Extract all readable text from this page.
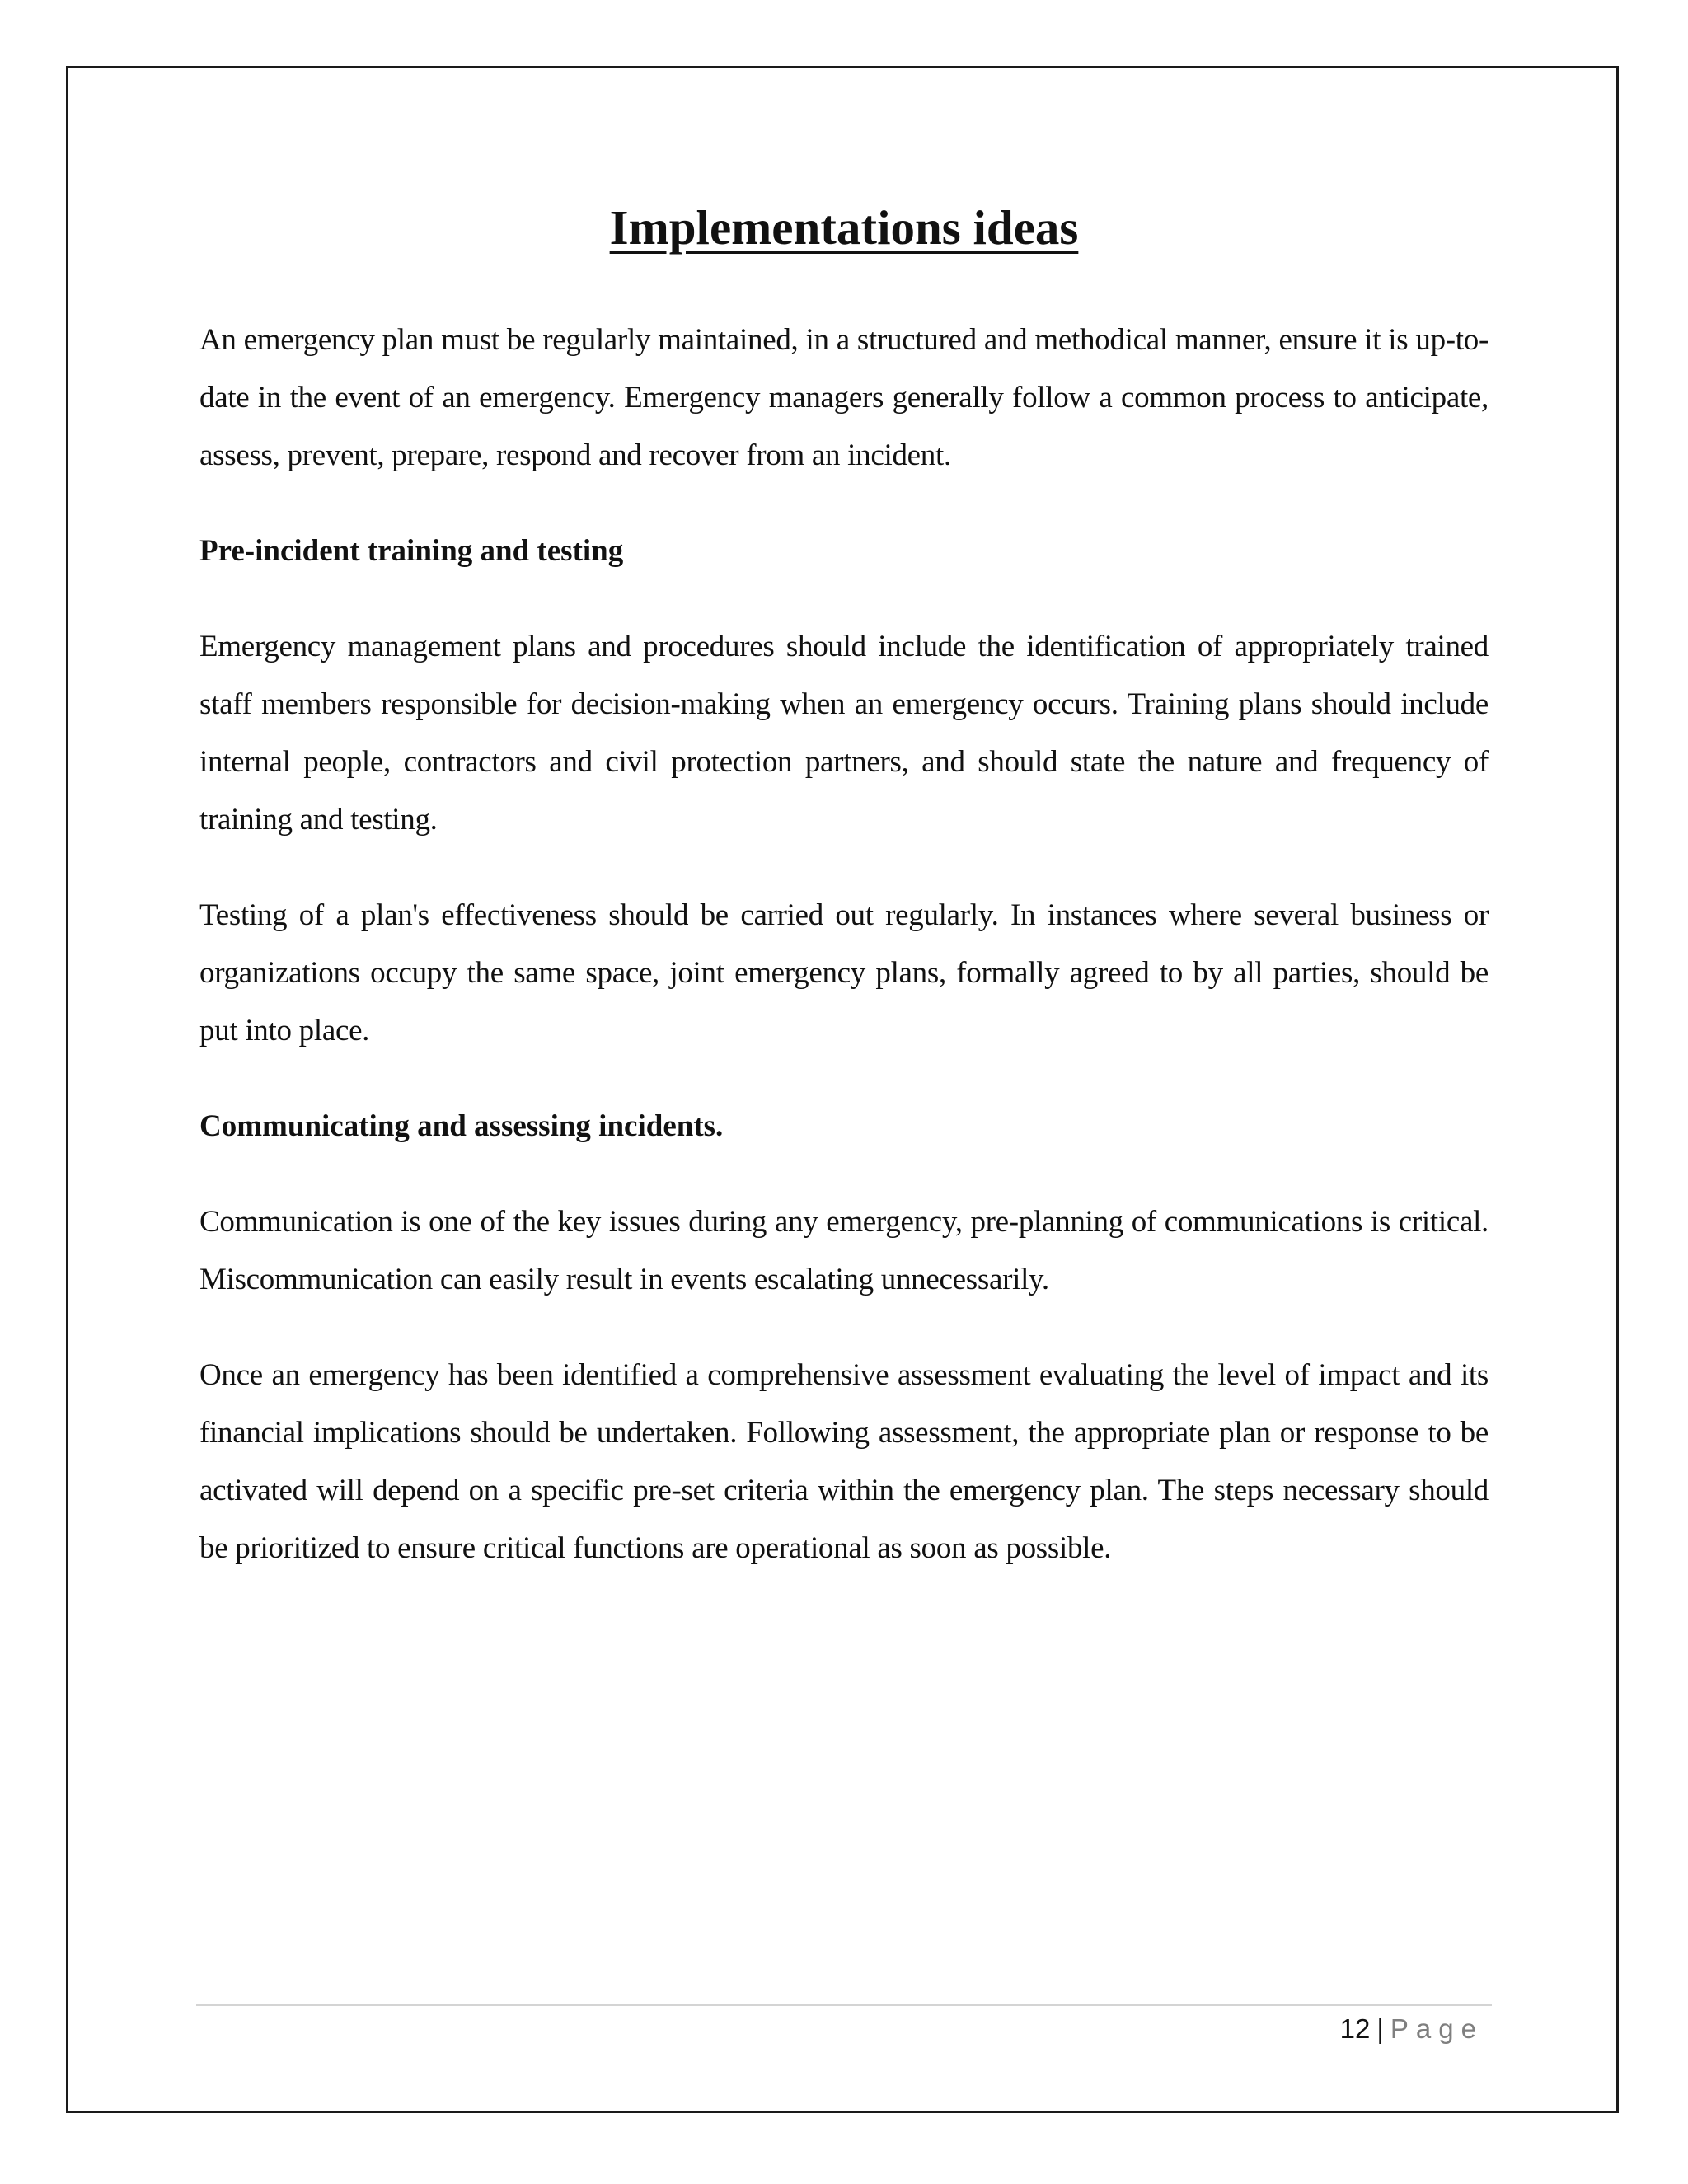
Implementations ideas

An emergency plan must be regularly maintained, in a structured and methodical manner, ensure it is up-to-date in the event of an emergency. Emergency managers generally follow a common process to anticipate, assess, prevent, prepare, respond and recover from an incident.

Pre-incident training and testing

Emergency management plans and procedures should include the identification of appropriately trained staff members responsible for decision-making when an emergency occurs. Training plans should include internal people, contractors and civil protection partners, and should state the nature and frequency of training and testing.

Testing of a plan's effectiveness should be carried out regularly. In instances where several business or organizations occupy the same space, joint emergency plans, formally agreed to by all parties, should be put into place.

Communicating and assessing incidents.

Communication is one of the key issues during any emergency, pre-planning of communications is critical. Miscommunication can easily result in events escalating unnecessarily.

Once an emergency has been identified a comprehensive assessment evaluating the level of impact and its financial implications should be undertaken. Following assessment, the appropriate plan or response to be activated will depend on a specific pre-set criteria within the emergency plan. The steps necessary should be prioritized to ensure critical functions are operational as soon as possible.

12 | Page
